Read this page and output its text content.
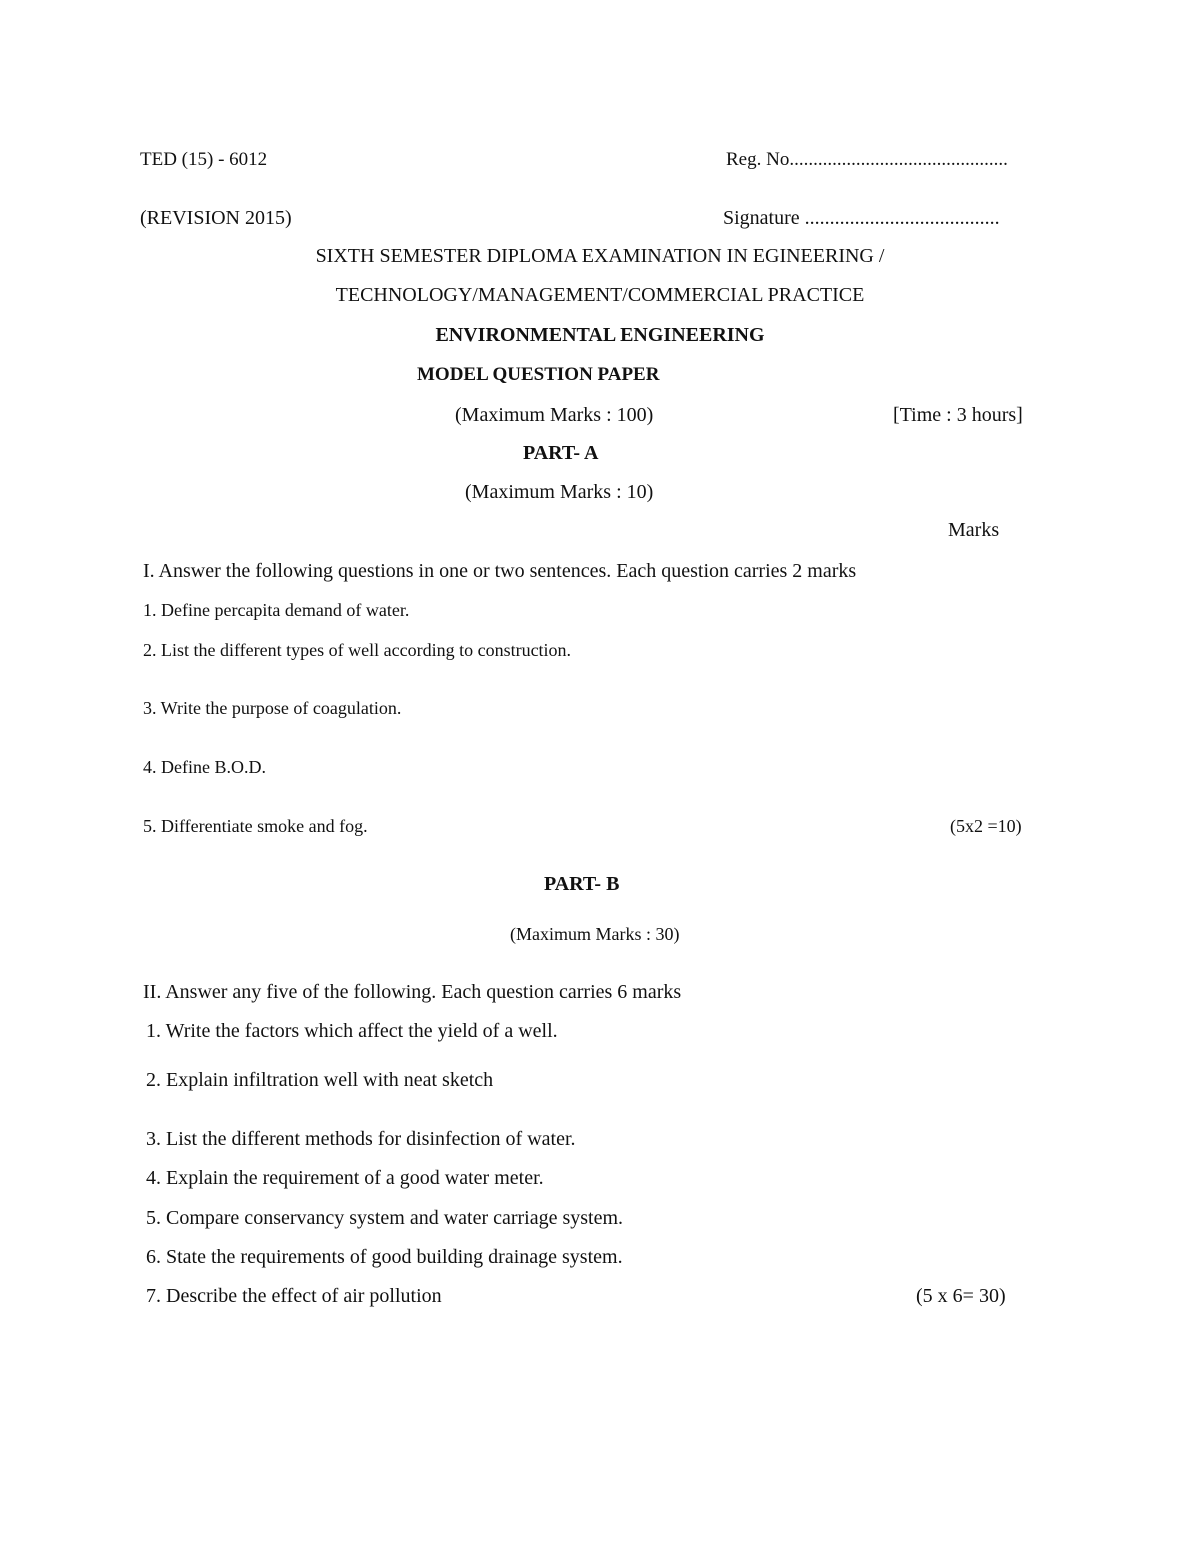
TED (15) - 6012	Reg. No..............................................
(REVISION 2015)	Signature .......................................
SIXTH SEMESTER DIPLOMA EXAMINATION IN EGINEERING /
TECHNOLOGY/MANAGEMENT/COMMERCIAL PRACTICE
ENVIRONMENTAL ENGINEERING
MODEL QUESTION PAPER
(Maximum Marks : 100)	[Time : 3 hours]
PART- A
(Maximum Marks : 10)
Marks
I. Answer the following questions in one or two sentences. Each question carries 2 marks
1. Define percapita demand of water.
2. List the different types of well according to construction.
3. Write the purpose of coagulation.
4. Define B.O.D.
5. Differentiate smoke and fog.	(5x2 =10)
PART- B
(Maximum Marks : 30)
II. Answer any five of the following. Each question carries 6 marks
1. Write the factors which affect the yield of a well.
2. Explain infiltration well with neat sketch
3. List the different methods for disinfection of water.
4. Explain the requirement of a good water meter.
5. Compare conservancy system and water carriage system.
6. State the requirements of good building drainage system.
7. Describe the effect of air pollution	(5 x 6= 30)
